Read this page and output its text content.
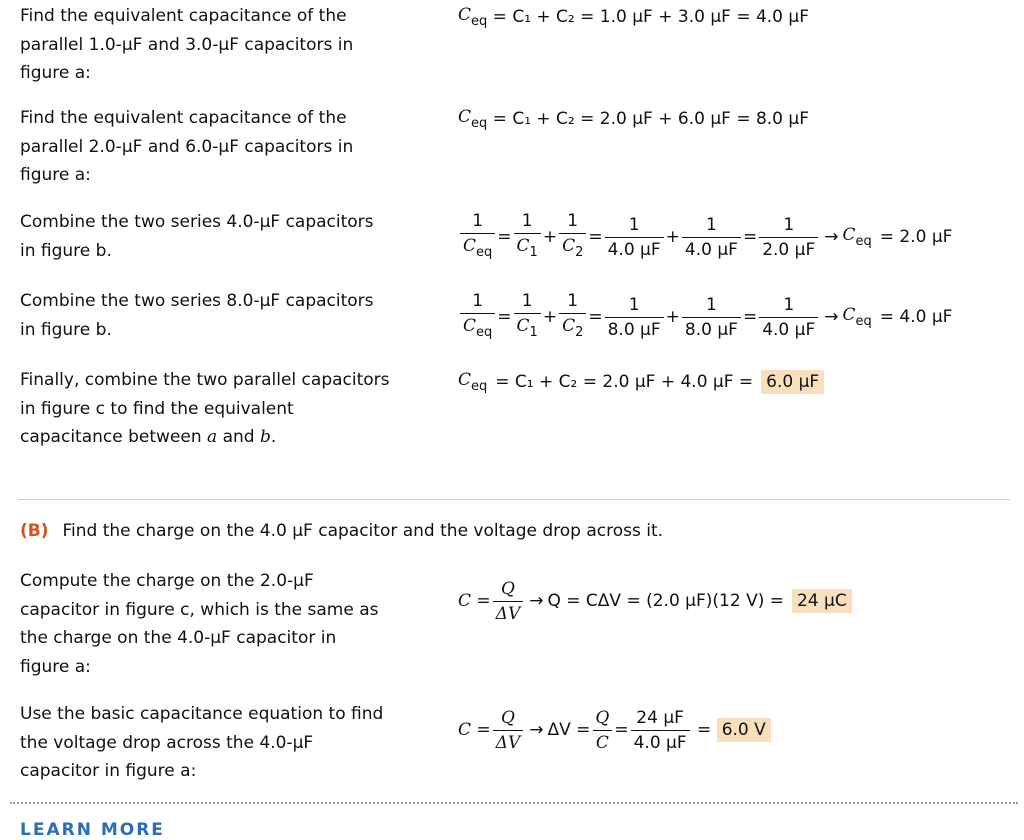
Find the equivalent capacitance of the parallel 1.0-μF and 3.0-μF capacitors in figure a:
$C_{eq} = C_1 + C_2 = 1.0$ μF + 3.0 μF = 4.0 μF
Find the equivalent capacitance of the parallel 2.0-μF and 6.0-μF capacitors in figure a:
$C_{eq} = C_1 + C_2 = 2.0$ μF + 6.0 μF = 8.0 μF
Combine the two series 4.0-μF capacitors in figure b.	$\frac{1}{C_{eq}} = \frac{1}{C_1} + \frac{1}{C_2} = \frac{1}{4.0 \mu F} + \frac{1}{4.0 \mu F} = \frac{1}{2.0 \mu F} \to C_{eq} = 2.0$ μF
Combine the two series 8.0-μF capacitors in figure b.	$\frac{1}{C_{eq}} = \frac{1}{C_1} + \frac{1}{C_2} = \frac{1}{8.0 \mu F} + \frac{1}{8.0 \mu F} = \frac{1}{4.0 \mu F} \to C_{eq} = 4.0$ μF
Finally, combine the two parallel capacitors in figure c to find the equivalent capacitance between a and b.
$C_{eq} = C_1 + C_2 = 2.0$ μF + 4.0 μF = 6.0 μF
(B) Find the charge on the 4.0 μF capacitor and the voltage drop across it.
Compute the charge on the 2.0-μF capacitor in figure c, which is the same as the charge on the 4.0-μF capacitor in figure a:
$C = \frac{Q}{\Delta V} \to Q = C\Delta V = (2.0$ μF)(12 V) = 24 μC
Use the basic capacitance equation to find the voltage drop across the 4.0-μF capacitor in figure a:
$C = \frac{Q}{\Delta V} \to \Delta V = \frac{Q}{C} = \frac{24 \mu F}{4.0 \mu F} = 6.0$ V
LEARN MORE
